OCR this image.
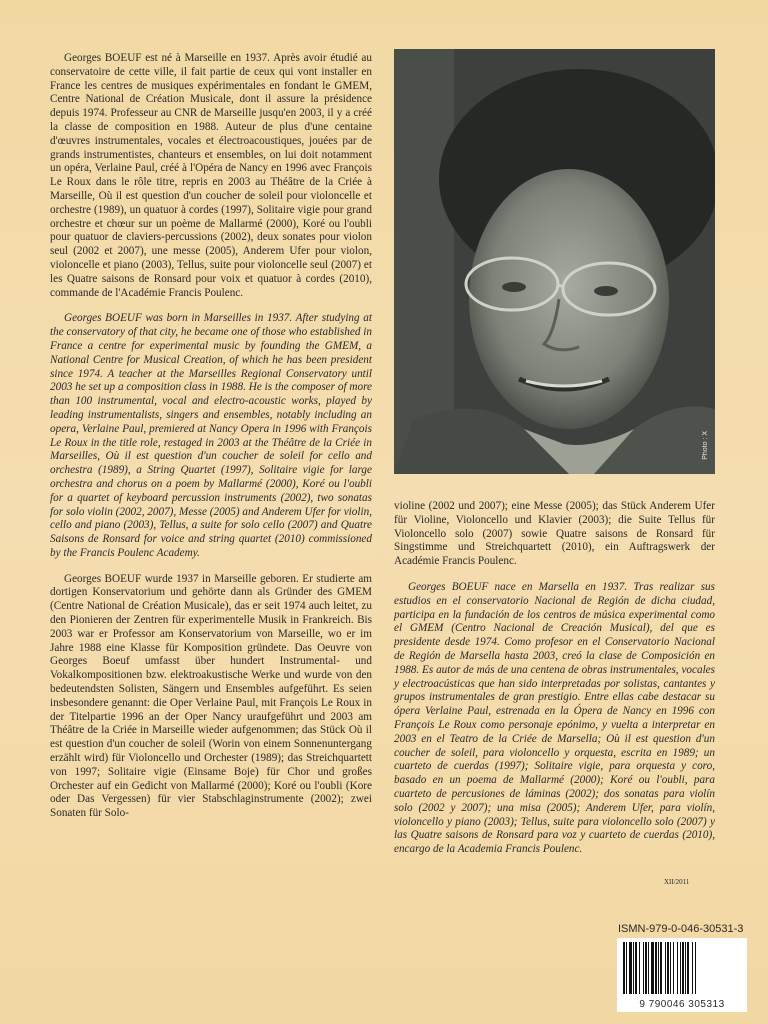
Georges BOEUF est né à Marseille en 1937. Après avoir étudié au conservatoire de cette ville, il fait partie de ceux qui vont installer en France les centres de musiques expérimentales en fondant le GMEM, Centre National de Création Musicale, dont il assure la présidence depuis 1974. Professeur au CNR de Marseille jusqu'en 2003, il y a créé la classe de composition en 1988. Auteur de plus d'une centaine d'œuvres instrumentales, vocales et électroacoustiques, jouées par de grands instrumentistes, chanteurs et ensembles, on lui doit notamment un opéra, Verlaine Paul, créé à l'Opéra de Nancy en 1996 avec François Le Roux dans le rôle titre, repris en 2003 au Théâtre de la Criée à Marseille, Où il est question d'un coucher de soleil pour violoncelle et orchestre (1989), un quatuor à cordes (1997), Solitaire vigie pour grand orchestre et chœur sur un poème de Mallarmé (2000), Koré ou l'oubli pour quatuor de claviers-percussions (2002), deux sonates pour violon seul (2002 et 2007), une messe (2005), Anderem Ufer pour violon, violoncelle et piano (2003), Tellus, suite pour violoncelle seul (2007) et les Quatre saisons de Ronsard pour voix et quatuor à cordes (2010), commande de l'Académie Francis Poulenc.

Georges BOEUF was born in Marseilles in 1937. After studying at the conservatory of that city, he became one of those who established in France a centre for experimental music by founding the GMEM, a National Centre for Musical Creation, of which he has been president since 1974. A teacher at the Marseilles Regional Conservatory until 2003 he set up a composition class in 1988. He is the composer of more than 100 instrumental, vocal and electro-acoustic works, played by leading instrumentalists, singers and ensembles, notably including an opera, Verlaine Paul, premiered at Nancy Opera in 1996 with François Le Roux in the title role, restaged in 2003 at the Théâtre de la Criée in Marseilles, Où il est question d'un coucher de soleil for cello and orchestra (1989), a String Quartet (1997), Solitaire vigie for large orchestra and chorus on a poem by Mallarmé (2000), Koré ou l'oubli for a quartet of keyboard percussion instruments (2002), two sonatas for solo violin (2002, 2007), Messe (2005) and Anderem Ufer for violin, cello and piano (2003), Tellus, a suite for solo cello (2007) and Quatre Saisons de Ronsard for voice and string quartet (2010) commissioned by the Francis Poulenc Academy.

Georges BOEUF wurde 1937 in Marseille geboren. Er studierte am dortigen Konservatorium und gehörte dann als Gründer des GMEM (Centre National de Création Musicale), das er seit 1974 auch leitet, zu den Pionieren der Zentren für experimentelle Musik in Frankreich. Bis 2003 war er Professor am Konservatorium von Marseille, wo er im Jahre 1988 eine Klasse für Komposition gründete. Das Oeuvre von Georges Boeuf umfasst über hundert Instrumental- und Vokalkompositionen bzw. elektroakustische Werke und wurde von den bedeutendsten Solisten, Sängern und Ensembles aufgeführt. Es seien insbesondere genannt: die Oper Verlaine Paul, mit François Le Roux in der Titelpartie 1996 an der Oper Nancy uraufgeführt und 2003 am Théâtre de la Criée in Marseille wieder aufgenommen; das Stück Où il est question d'un coucher de soleil (Worin von einem Sonnenuntergang erzählt wird) für Violoncello und Orchester (1989); das Streichquartett von 1997; Solitaire vigie (Einsame Boje) für Chor und großes Orchester auf ein Gedicht von Mallarmé (2000); Koré ou l'oubli (Kore oder Das Vergessen) für vier Stabschlaginstrumente (2002); zwei Sonaten für Solo-

Photo : X

violine (2002 und 2007); eine Messe (2005); das Stück Anderem Ufer für Violine, Violoncello und Klavier (2003); die Suite Tellus für Violoncello solo (2007) sowie Quatre saisons de Ronsard für Singstimme und Streichquartett (2010), ein Auftragswerk der Académie Francis Poulenc.

Georges BOEUF nace en Marsella en 1937. Tras realizar sus estudios en el conservatorio Nacional de Región de dicha ciudad, participa en la fundación de los centros de música experimental como el GMEM (Centro Nacional de Creación Musical), del que es presidente desde 1974. Como profesor en el Conservatorio Nacional de Región de Marsella hasta 2003, creó la clase de Composición en 1988. Es autor de más de una centena de obras instrumentales, vocales y electroacústicas que han sido interpretadas por solistas, cantantes y grupos instrumentales de gran prestigio. Entre ellas cabe destacar su ópera Verlaine Paul, estrenada en la Ópera de Nancy en 1996 con François Le Roux como personaje epónimo, y vuelta a interpretar en 2003 en el Teatro de la Criée de Marsella; Où il est question d'un coucher de soleil, para violoncello y orquesta, escrita en 1989; un cuarteto de cuerdas (1997); Solitaire vigie, para orquesta y coro, basado en un poema de Mallarmé (2000); Koré ou l'oubli, para cuarteto de percusiones de láminas (2002); dos sonatas para violín solo (2002 y 2007); una misa (2005); Anderem Ufer, para violín, violoncello y piano (2003); Tellus, suite para violoncello solo (2007) y las Quatre saisons de Ronsard para voz y cuarteto de cuerdas (2010), encargo de la Academia Francis Poulenc.

XII/2011
ISMN-979-0-046-30531-3
9 790046 305313
